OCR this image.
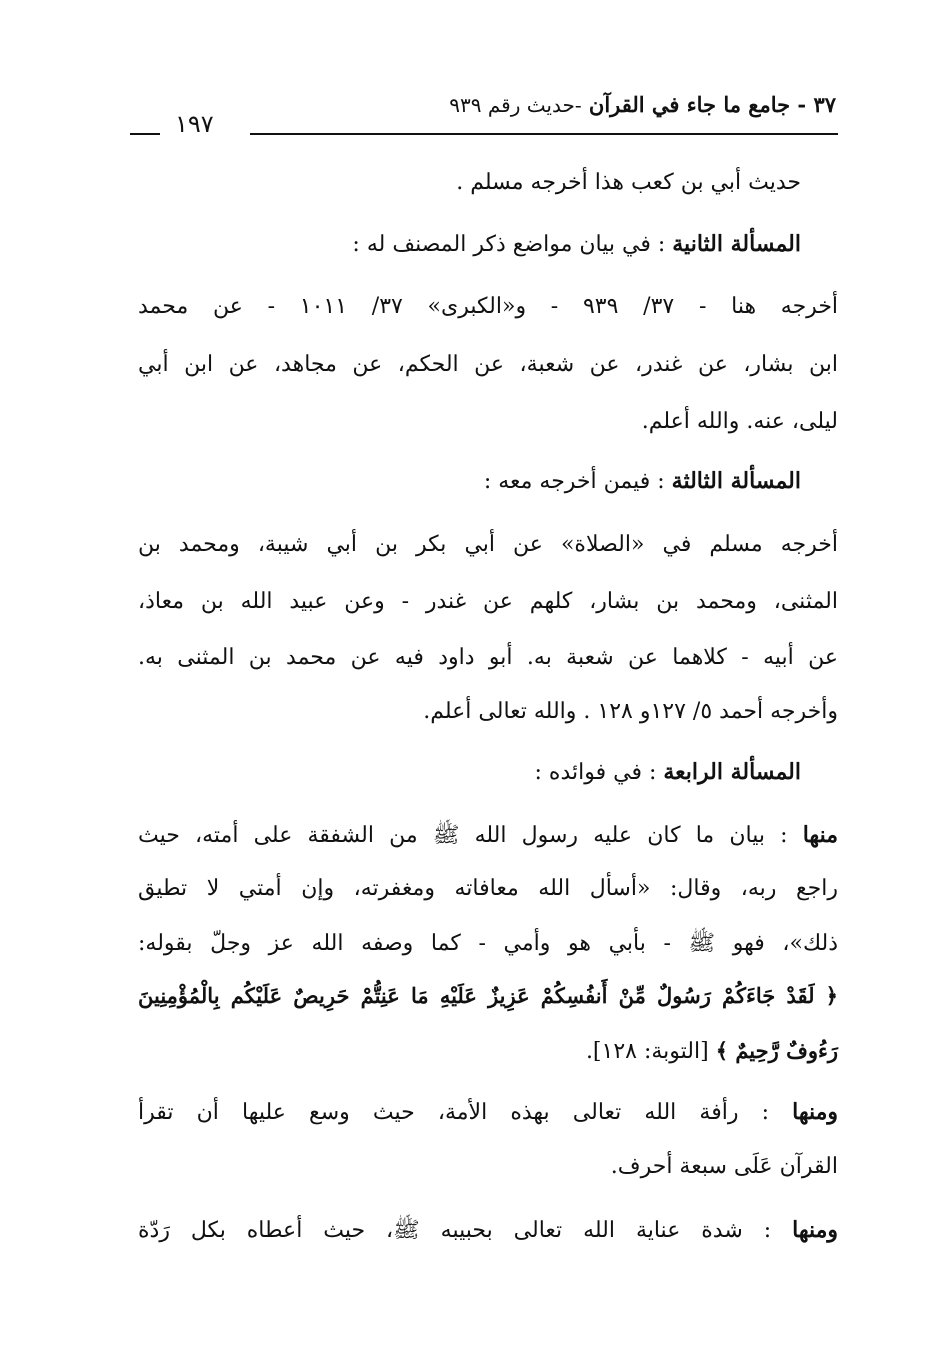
٣٧ - جامع ما جاء في القرآن -حديث رقم ٩٣٩
١٩٧
حديث أبي بن كعب هذا أخرجه مسلم .
المسألة الثانية : في بيان مواضع ذكر المصنف له :
أخرجه هنا - ٣٧/ ٩٣٩ - و«الكبرى» ٣٧/ ١٠١١ - عن محمد
ابن بشار، عن غندر، عن شعبة، عن الحكم، عن مجاهد، عن ابن أبي
ليلى، عنه. والله أعلم.
المسألة الثالثة : فيمن أخرجه معه :
أخرجه مسلم في «الصلاة» عن أبي بكر بن أبي شيبة، ومحمد بن
المثنى، ومحمد بن بشار، كلهم عن غندر - وعن عبيد الله بن معاذ،
عن أبيه - كلاهما عن شعبة به. أبو داود فيه عن محمد بن المثنى به.
وأخرجه أحمد ٥/ ١٢٧و ١٢٨ . والله تعالى أعلم.
المسألة الرابعة : في فوائده :
منها : بيان ما كان عليه رسول الله ﷺ من الشفقة على أمته، حيث
راجع ربه، وقال: «أسأل الله معافاته ومغفرته، وإن أمتي لا تطيق
ذلك»، فهو ﷺ - بأبي هو وأمي - كما وصفه الله عز وجلّ بقوله:
﴿ لَقَدْ جَاءَكُمْ رَسُولٌ مِّنْ أَنفُسِكُمْ عَزِيزٌ عَلَيْهِ مَا عَنِتُّمْ حَرِيصٌ عَلَيْكُم بِالْمُؤْمِنِينَ
رَءُوفٌ رَّحِيمٌ ﴾ [التوبة: ١٢٨].
ومنها : رأفة الله تعالى بهذه الأمة، حيث وسع عليها أن تقرأ
القرآن عَلَى سبعة أحرف.
ومنها : شدة عناية الله تعالى بحبيبه ﷺ، حيث أعطاه بكل رَدّة
